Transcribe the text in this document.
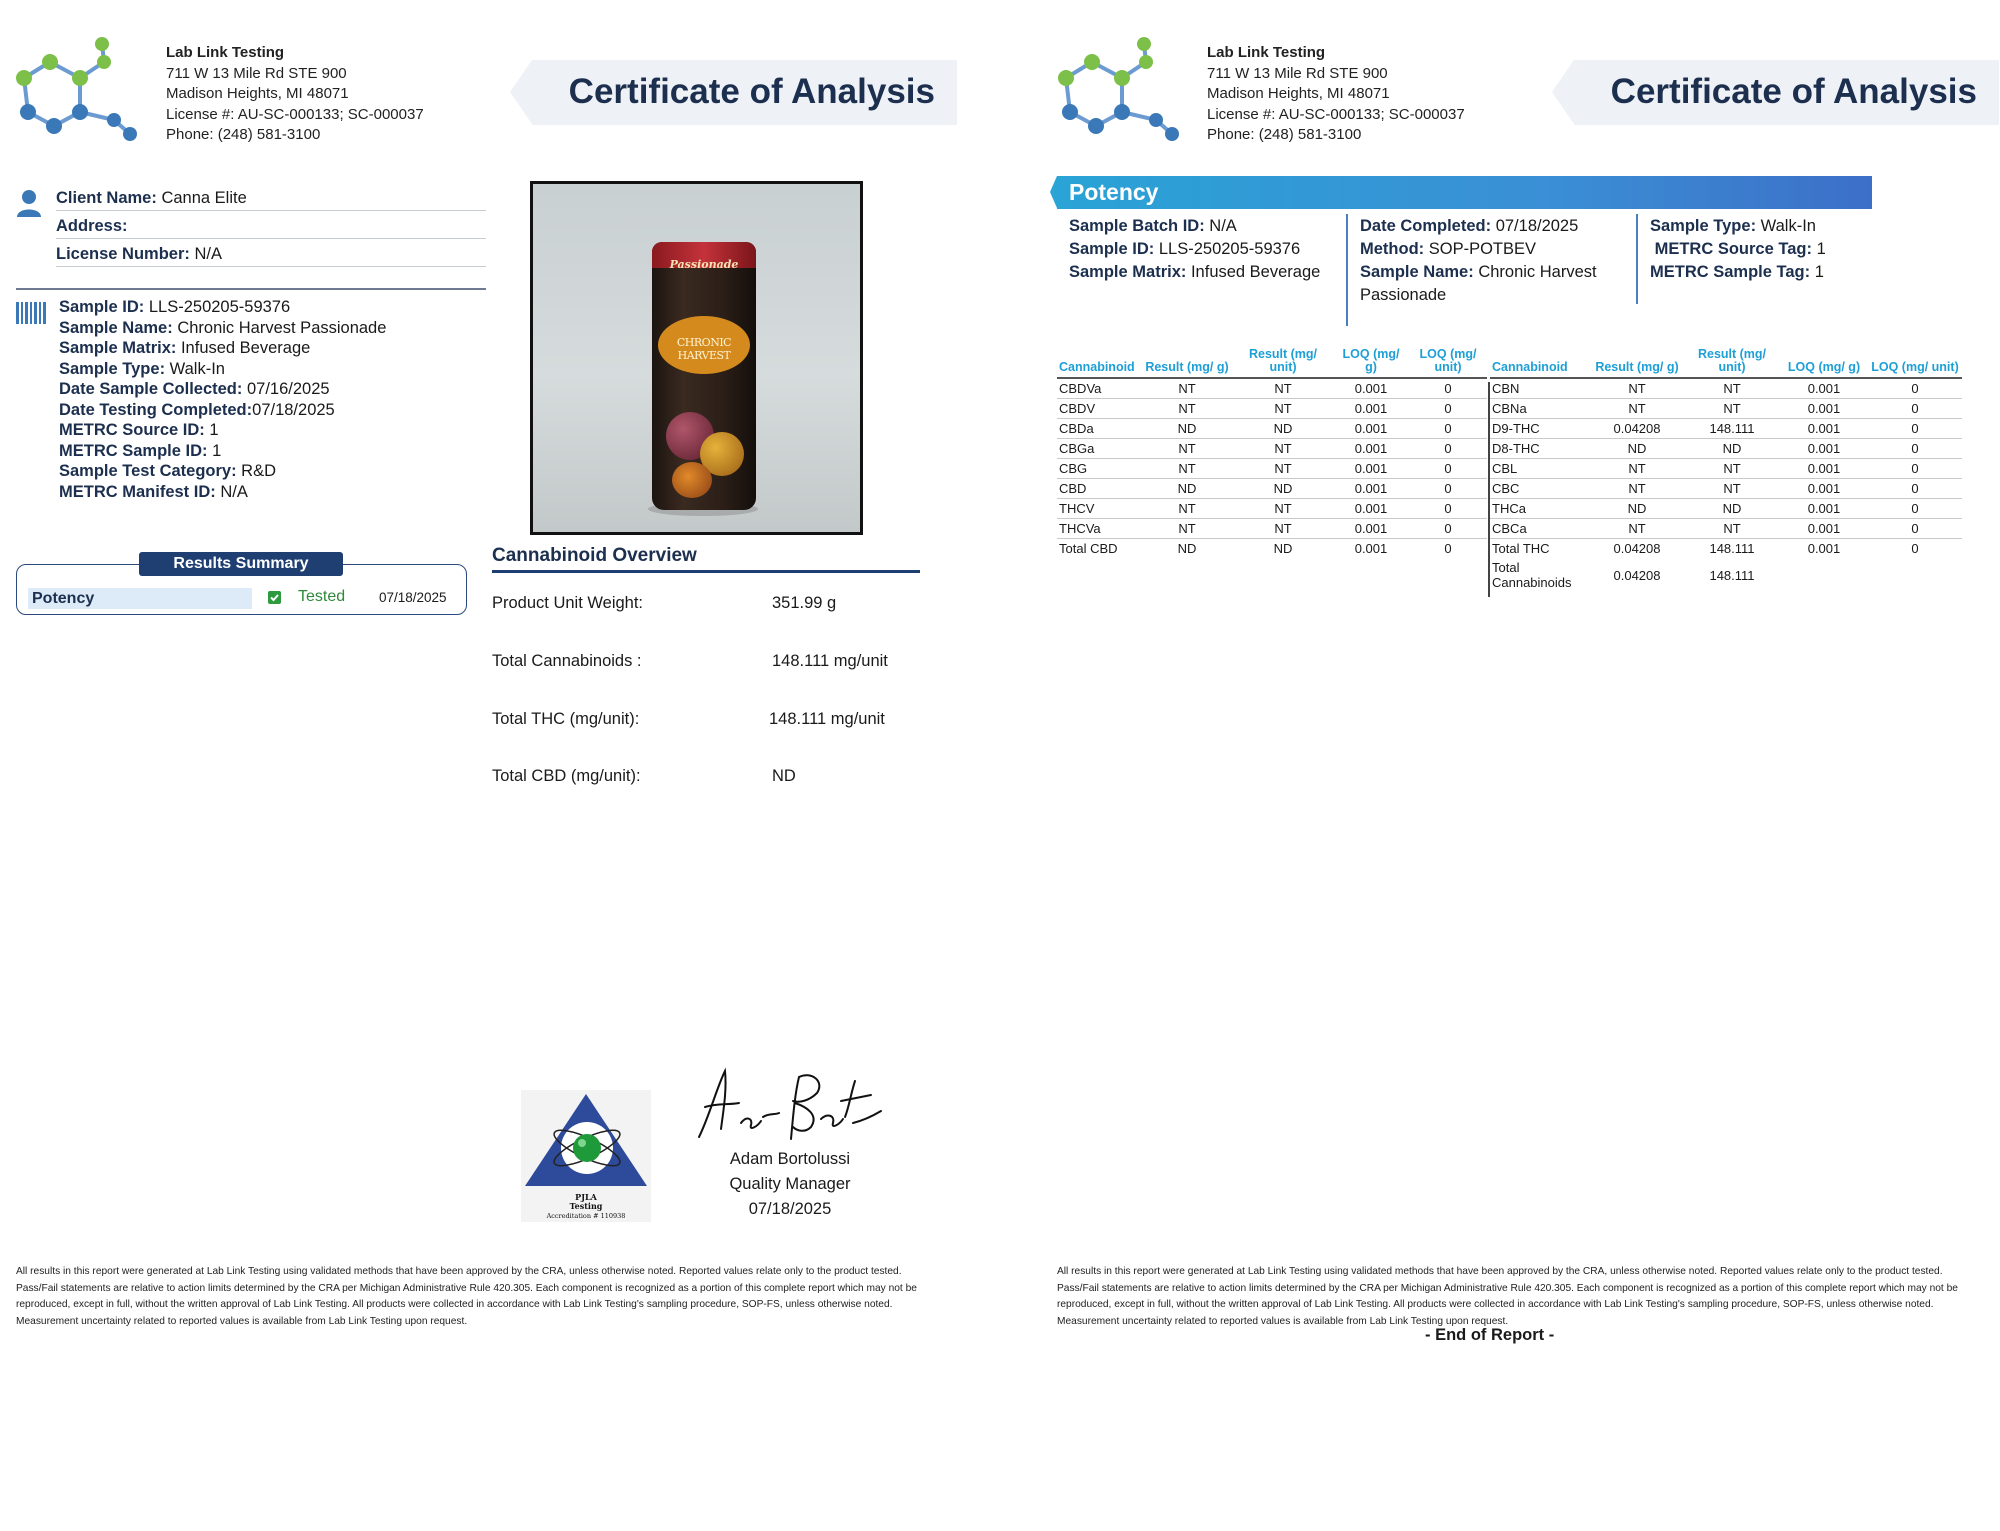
Lab Link Testing
711 W 13 Mile Rd STE 900
Madison Heights, MI 48071
License #: AU-SC-000133; SC-000037
Phone: (248) 581-3100
Certificate of Analysis
Client Name: Canna Elite
Address:
License Number: N/A
Sample ID: LLS-250205-59376
Sample Name: Chronic Harvest Passionade
Sample Matrix: Infused Beverage
Sample Type: Walk-In
Date Sample Collected: 07/16/2025
Date Testing Completed:07/18/2025
METRC Source ID: 1
METRC Sample ID: 1
Sample Test Category: R&D
METRC Manifest ID: N/A
Results Summary
Potency	Tested	07/18/2025
Passionade
CHRONIC HARVEST
Cannabinoid Overview
Product Unit Weight:	351.99 g
Total Cannabinoids :	148.111 mg/unit
Total THC (mg/unit):	148.111 mg/unit
Total CBD (mg/unit):	ND
PJLA
Testing
Accreditation # 110938
Adam Bortolussi
Quality Manager
07/18/2025
All results in this report were generated at Lab Link Testing using validated methods that have been approved by the CRA, unless otherwise noted. Reported values relate only to the product tested. Pass/Fail statements are relative to action limits determined by the CRA per Michigan Administrative Rule 420.305. Each component is recognized as a portion of this complete report which may not be reproduced, except in full, without the written approval of Lab Link Testing. All products were collected in accordance with Lab Link Testing's sampling procedure, SOP-FS, unless otherwise noted. Measurement uncertainty related to reported values is available from Lab Link Testing upon request.
Lab Link Testing
711 W 13 Mile Rd STE 900
Madison Heights, MI 48071
License #: AU-SC-000133; SC-000037
Phone: (248) 581-3100
Certificate of Analysis
Potency
Sample Batch ID: N/A
Sample ID: LLS-250205-59376
Sample Matrix: Infused Beverage
Date Completed: 07/18/2025
Method: SOP-POTBEV
Sample Name: Chronic Harvest
Passionade
Sample Type: Walk-In
METRC Source Tag: 1
METRC Sample Tag: 1
Cannabinoid	Result (mg/ g)	Result (mg/ unit)	LOQ (mg/ g)	LOQ (mg/ unit)
CBDVa	NT	NT	0.001	0
CBDV	NT	NT	0.001	0
CBDa	ND	ND	0.001	0
CBGa	NT	NT	0.001	0
CBG	NT	NT	0.001	0
CBD	ND	ND	0.001	0
THCV	NT	NT	0.001	0
THCVa	NT	NT	0.001	0
Total CBD	ND	ND	0.001	0
Cannabinoid	Result (mg/ g)	Result (mg/ unit)	LOQ (mg/ g)	LOQ (mg/ unit)
CBN	NT	NT	0.001	0
CBNa	NT	NT	0.001	0
D9-THC	0.04208	148.111	0.001	0
D8-THC	ND	ND	0.001	0
CBL	NT	NT	0.001	0
CBC	NT	NT	0.001	0
THCa	ND	ND	0.001	0
CBCa	NT	NT	0.001	0
Total THC	0.04208	148.111	0.001	0
Total Cannabinoids	0.04208	148.111		
All results in this report were generated at Lab Link Testing using validated methods that have been approved by the CRA, unless otherwise noted. Reported values relate only to the product tested. Pass/Fail statements are relative to action limits determined by the CRA per Michigan Administrative Rule 420.305. Each component is recognized as a portion of this complete report which may not be reproduced, except in full, without the written approval of Lab Link Testing. All products were collected in accordance with Lab Link Testing's sampling procedure, SOP-FS, unless otherwise noted. Measurement uncertainty related to reported values is available from Lab Link Testing upon request.
- End of Report -
